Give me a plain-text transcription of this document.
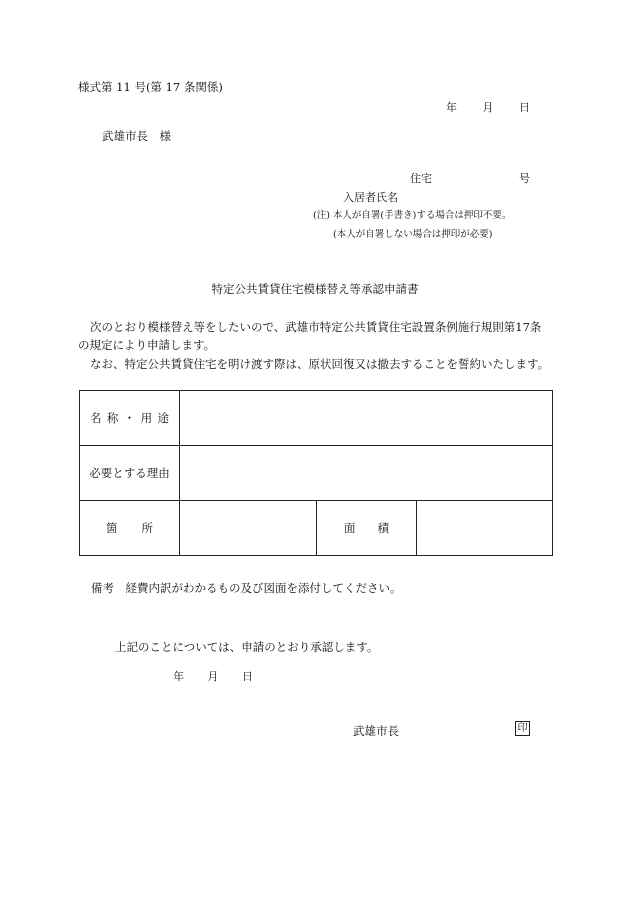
様式第 11 号(第 17 条関係)
年 月 日
武雄市長　様
住宅	号
入居者氏名
(注) 本人が自署(手書き)する場合は押印不要。
(本人が自署しない場合は押印が必要)
特定公共賃貸住宅模様替え等承認申請書
次のとおり模様替え等をしたいので、武雄市特定公共賃貸住宅設置条例施行規則第17条
の規定により申請します。
なお、特定公共賃貸住宅を明け渡す際は、原状回復又は撤去することを誓約いたします。
名 称 ・ 用 途			

必要とする理由			

箇 所		面 積	

備考　経費内訳がわかるもの及び図面を添付してください。
上記のことについては、申請のとおり承認します。
年 月 日
武雄市長	印
